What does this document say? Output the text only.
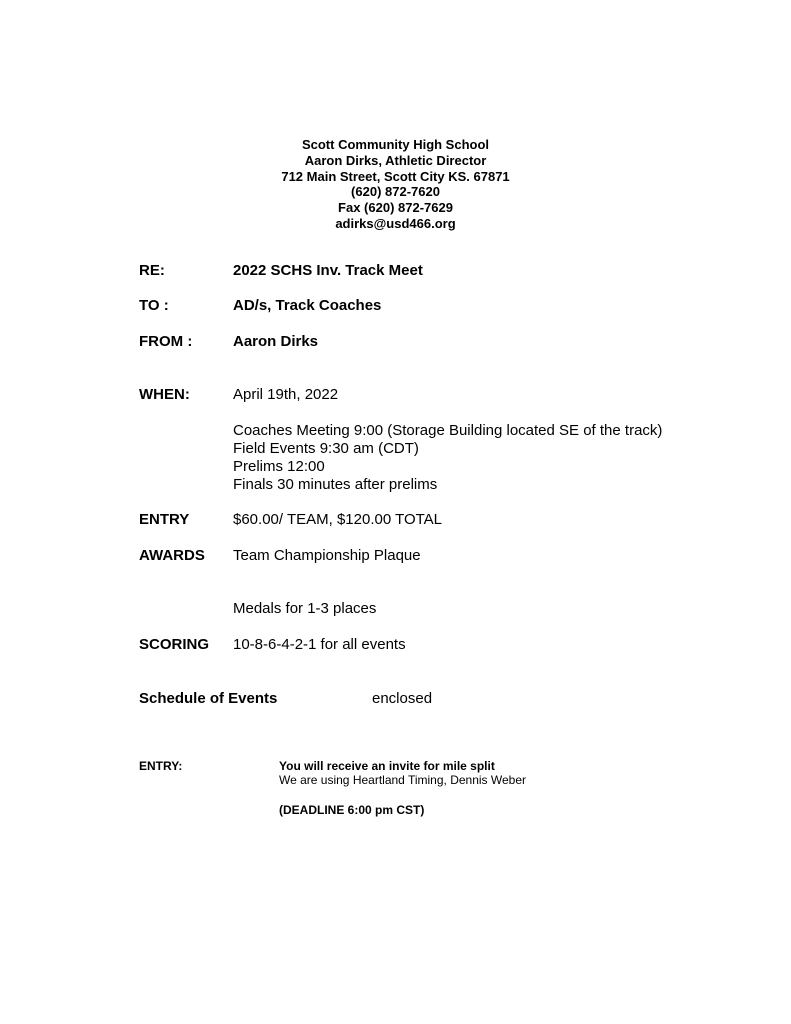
Scott Community High School
Aaron Dirks, Athletic Director
712 Main Street, Scott City KS. 67871
(620) 872-7620
Fax (620) 872-7629
adirks@usd466.org
RE:	2022 SCHS Inv. Track Meet
TO :	AD/s, Track Coaches
FROM :	Aaron Dirks
WHEN:	April 19th, 2022
Coaches Meeting 9:00 (Storage Building located SE of the track)
Field Events 9:30 am (CDT)
Prelims 12:00
Finals 30 minutes after prelims
ENTRY	$60.00/ TEAM, $120.00 TOTAL
AWARDS Team Championship Plaque
Medals for 1-3 places
SCORING 10-8-6-4-2-1 for all events
Schedule of Events	enclosed
ENTRY:	You will receive an invite for mile split
We are using Heartland Timing, Dennis Weber
(DEADLINE 6:00 pm CST)
